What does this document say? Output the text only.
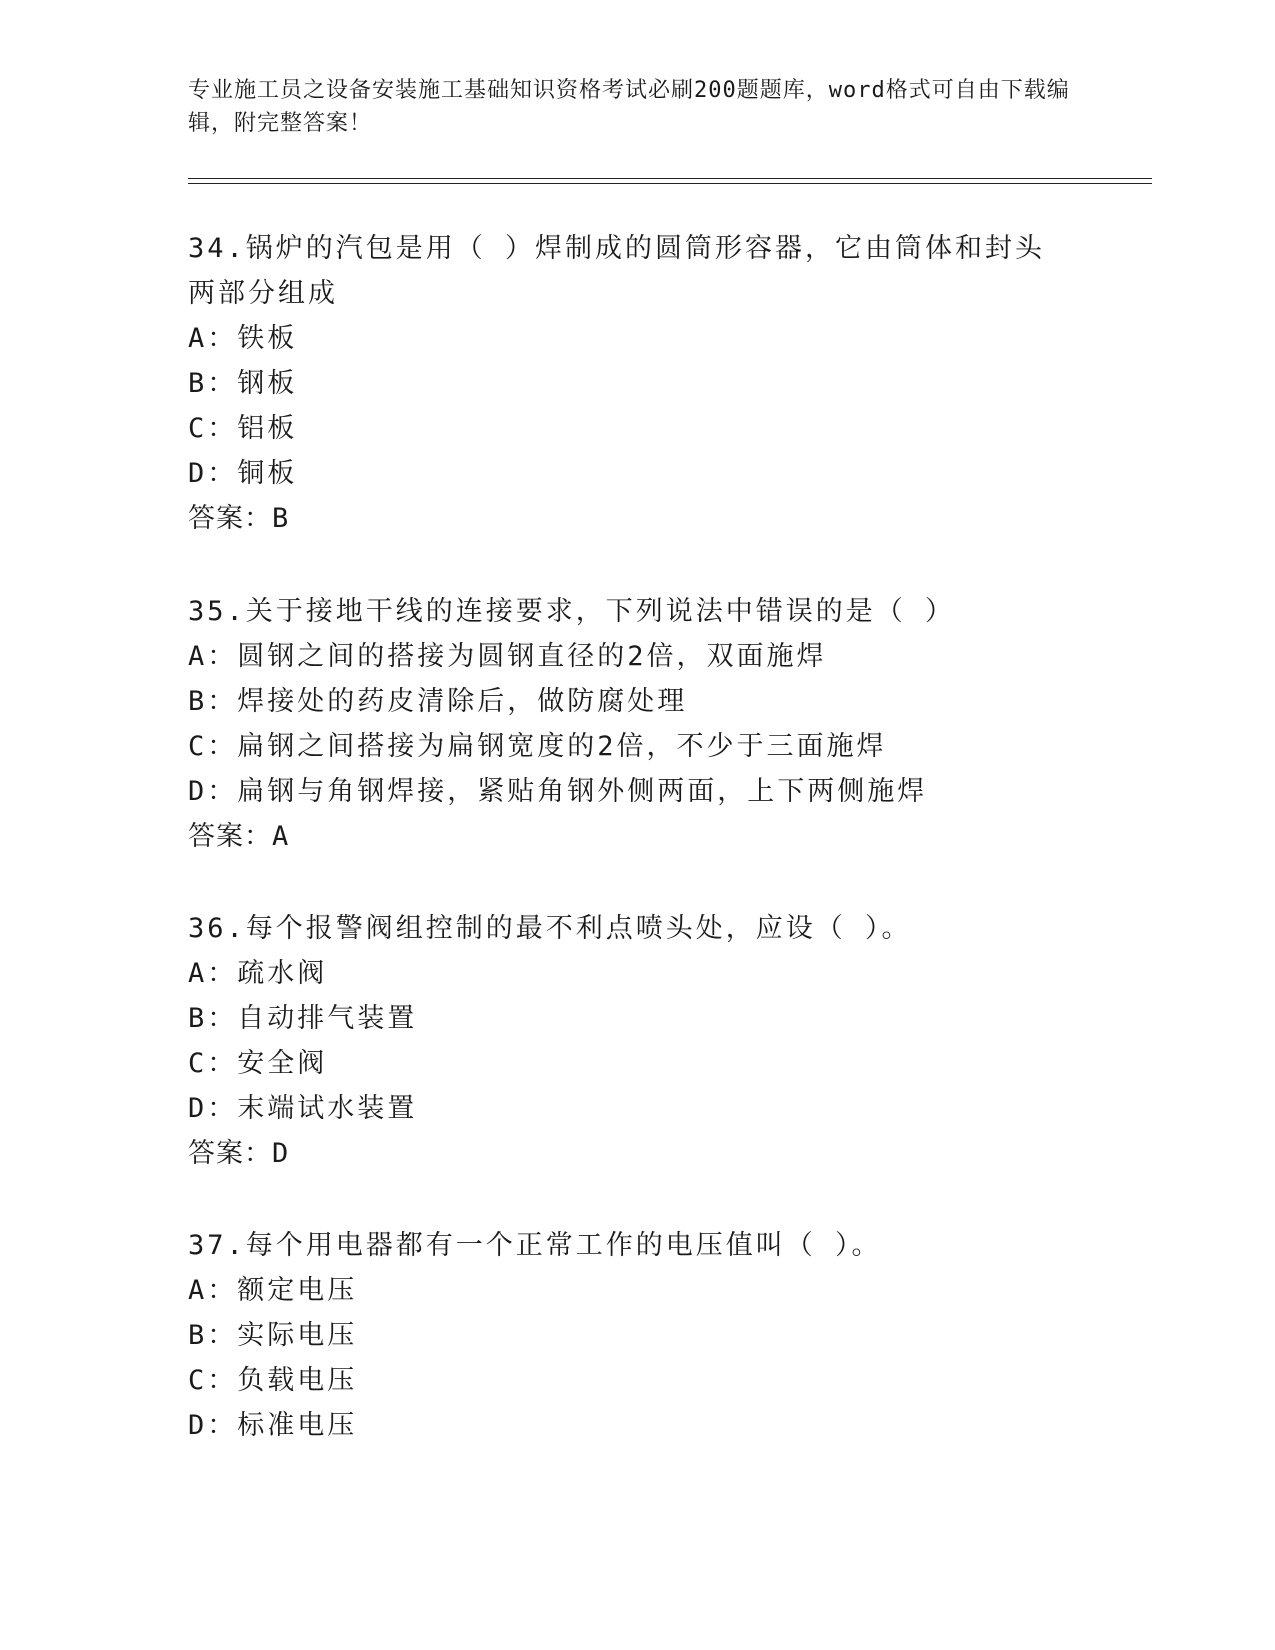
专业施工员之设备安装施工基础知识资格考试必刷200题题库，word格式可自由下载编辑，附完整答案！
34.锅炉的汽包是用（ ）焊制成的圆筒形容器，它由筒体和封头两部分组成
A：铁板
B：钢板
C：铝板
D：铜板
答案：B
35.关于接地干线的连接要求，下列说法中错误的是（ ）
A：圆钢之间的搭接为圆钢直径的2倍，双面施焊
B：焊接处的药皮清除后，做防腐处理
C：扁钢之间搭接为扁钢宽度的2倍，不少于三面施焊
D：扁钢与角钢焊接，紧贴角钢外侧两面，上下两侧施焊
答案：A
36.每个报警阀组控制的最不利点喷头处，应设（ ）。
A：疏水阀
B：自动排气装置
C：安全阀
D：末端试水装置
答案：D
37.每个用电器都有一个正常工作的电压值叫（ ）。
A：额定电压
B：实际电压
C：负载电压
D：标准电压
